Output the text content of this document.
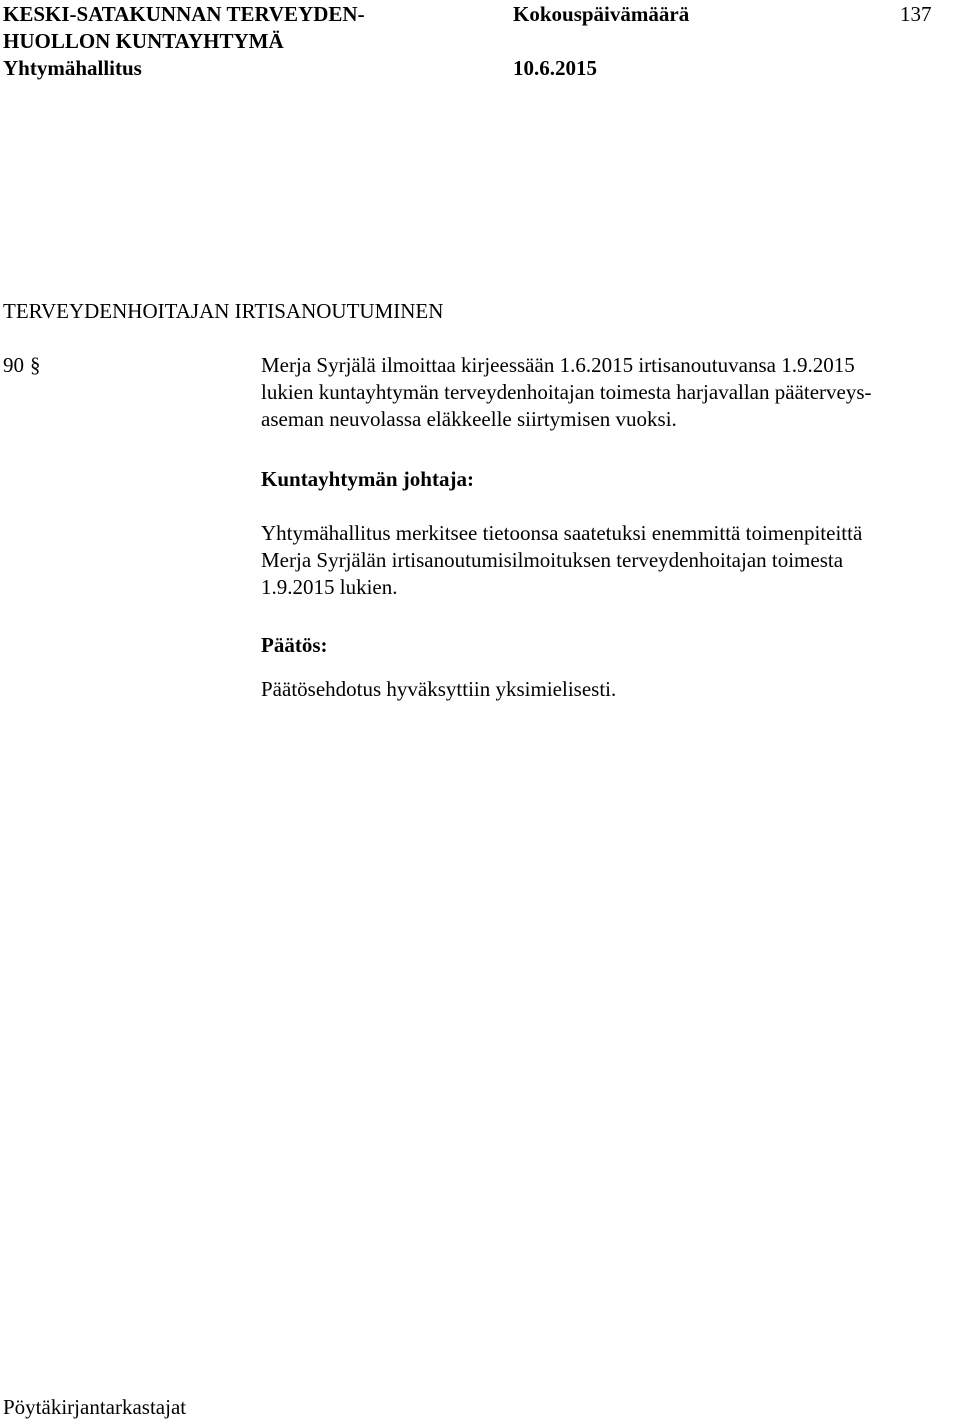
KESKI-SATAKUNNAN TERVEYDEN-
HUOLLON KUNTAYHTYMÄ
Yhtymähallitus
Kokouspäivämäärä
10.6.2015
137
TERVEYDENHOITAJAN IRTISANOUTUMINEN
90 §	Merja Syrjälä ilmoittaa kirjeessään 1.6.2015 irtisanoutuvansa 1.9.2015

lukien kuntayhtymän terveydenhoitajan toimesta harjavallan pääterveys-

aseman neuvolassa eläkkeelle siirtymisen vuoksi.

Kuntayhtymän johtaja:

Yhtymähallitus merkitsee tietoonsa saatetuksi enemmittä toimenpiteittä

Merja Syrjälän irtisanoutumisilmoituksen terveydenhoitajan toimesta

1.9.2015 lukien.

Päätös:
Päätösehdotus hyväksyttiin yksimielisesti.
Pöytäkirjantarkastajat
